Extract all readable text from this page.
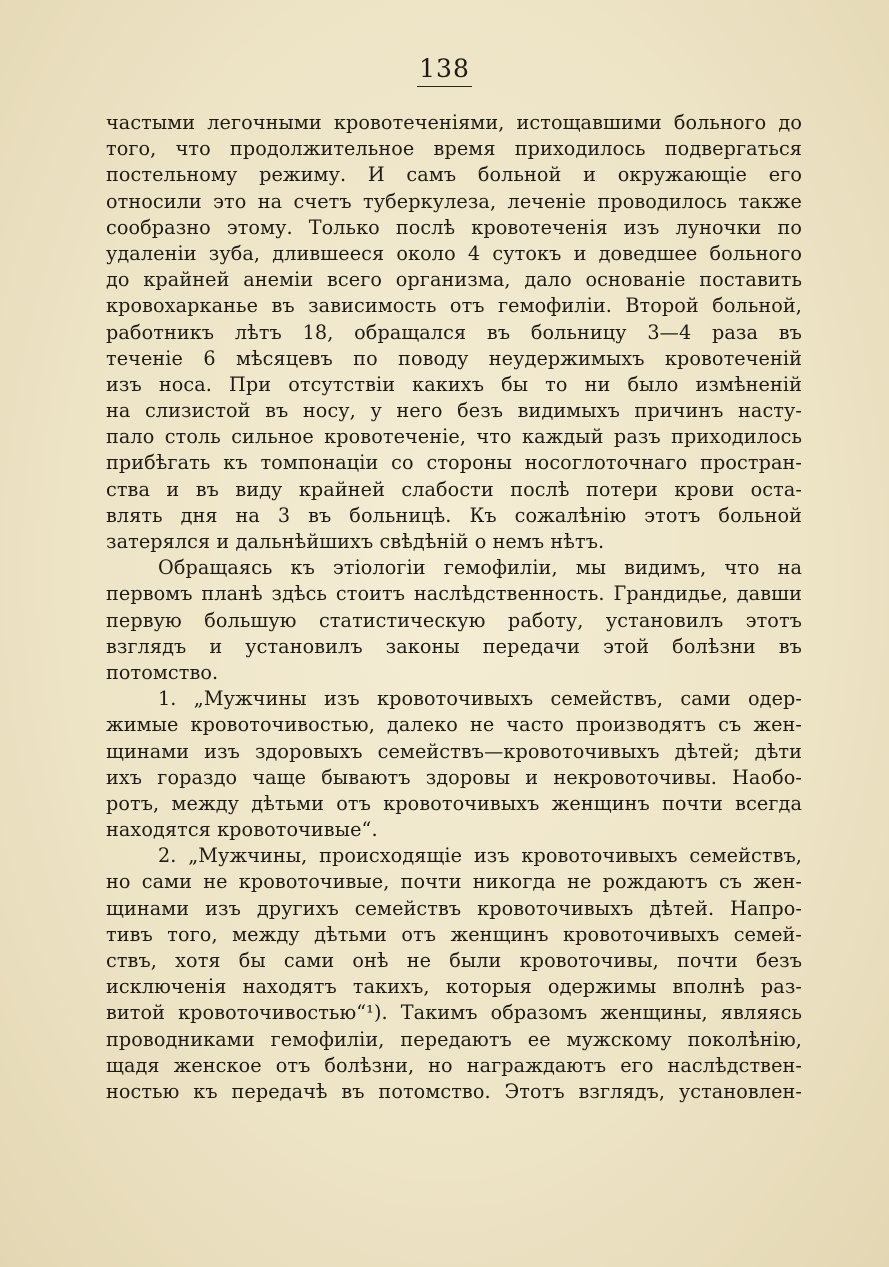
138
частыми легочными кровотеченіями, истощавшими больного до
того, что продолжительное время приходилось подвергаться
постельному режиму. И самъ больной и окружающіе его
относили это на счетъ туберкулеза, леченіе проводилось также
сообразно этому. Только послѣ кровотеченія изъ луночки по
удаленіи зуба, длившееся около 4 сутокъ и доведшее больного
до крайней анеміи всего организма, дало основаніе поставить
кровохарканье въ зависимость отъ гемофиліи. Второй больной,
работникъ лѣтъ 18, обращался въ больницу 3—4 раза въ
теченіе 6 мѣсяцевъ по поводу неудержимыхъ кровотеченій
изъ носа. При отсутствіи какихъ бы то ни было измѣненій
на слизистой въ носу, у него безъ видимыхъ причинъ насту-
пало столь сильное кровотеченіе, что каждый разъ приходилось
прибѣгать къ томпонаціи со стороны носоглоточнаго простран-
ства и въ виду крайней слабости послѣ потери крови оста-
влять дня на 3 въ больницѣ. Къ сожалѣнію этотъ больной
затерялся и дальнѣйшихъ свѣдѣній о немъ нѣтъ.
Обращаясь къ этіологіи гемофиліи, мы видимъ, что на
первомъ планѣ здѣсь стоитъ наслѣдственность. Грандидье, давши
первую большую статистическую работу, установилъ этотъ
взглядъ и установилъ законы передачи этой болѣзни въ
потомство.
1. „Мужчины изъ кровоточивыхъ семействъ, сами одер-
жимые кровоточивостью, далеко не часто производятъ съ жен-
щинами изъ здоровыхъ семействъ—кровоточивыхъ дѣтей; дѣти
ихъ гораздо чаще бываютъ здоровы и некровоточивы. Наобо-
ротъ, между дѣтьми отъ кровоточивыхъ женщинъ почти всегда
находятся кровоточивые“.
2. „Мужчины, происходящіе изъ кровоточивыхъ семействъ,
но сами не кровоточивые, почти никогда не рождаютъ съ жен-
щинами изъ другихъ семействъ кровоточивыхъ дѣтей. Напро-
тивъ того, между дѣтьми отъ женщинъ кровоточивыхъ семей-
ствъ, хотя бы сами онѣ не были кровоточивы, почти безъ
исключенія находятъ такихъ, которыя одержимы вполнѣ раз-
витой кровоточивостью“¹). Такимъ образомъ женщины, являясь
проводниками гемофиліи, передаютъ ее мужскому поколѣнію,
щадя женское отъ болѣзни, но награждаютъ его наслѣдствен-
ностью къ передачѣ въ потомство. Этотъ взглядъ, установлен-
